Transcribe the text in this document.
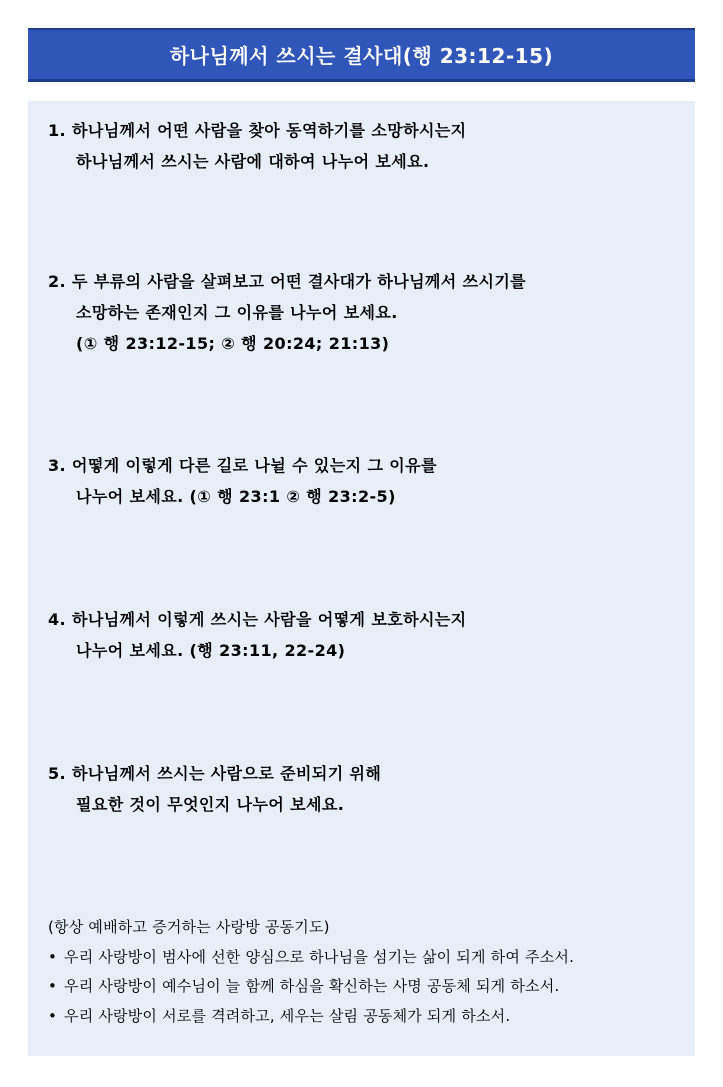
하나님께서 쓰시는 결사대(행 23:12-15)
1. 하나님께서 어떤 사람을 찾아 동역하기를 소망하시는지
하나님께서 쓰시는 사람에 대하여 나누어 보세요.
2. 두 부류의 사람을 살펴보고 어떤 결사대가 하나님께서 쓰시기를
소망하는 존재인지 그 이유를 나누어 보세요.
(① 행 23:12-15; ② 행 20:24; 21:13)
3. 어떻게 이렇게 다른 길로 나뉠 수 있는지 그 이유를
나누어 보세요. (① 행 23:1 ② 행 23:2-5)
4. 하나님께서 이렇게 쓰시는 사람을 어떻게 보호하시는지
나누어 보세요. (행 23:11, 22-24)
5. 하나님께서 쓰시는 사람으로 준비되기 위해
필요한 것이 무엇인지 나누어 보세요.
(항상 예배하고 증거하는 사랑방 공동기도)
• 우리 사랑방이 범사에 선한 양심으로 하나님을 섬기는 삶이 되게 하여 주소서.
• 우리 사랑방이 예수님이 늘 함께 하심을 확신하는 사명 공동체 되게 하소서.
• 우리 사랑방이 서로를 격려하고, 세우는 살림 공동체가 되게 하소서.
